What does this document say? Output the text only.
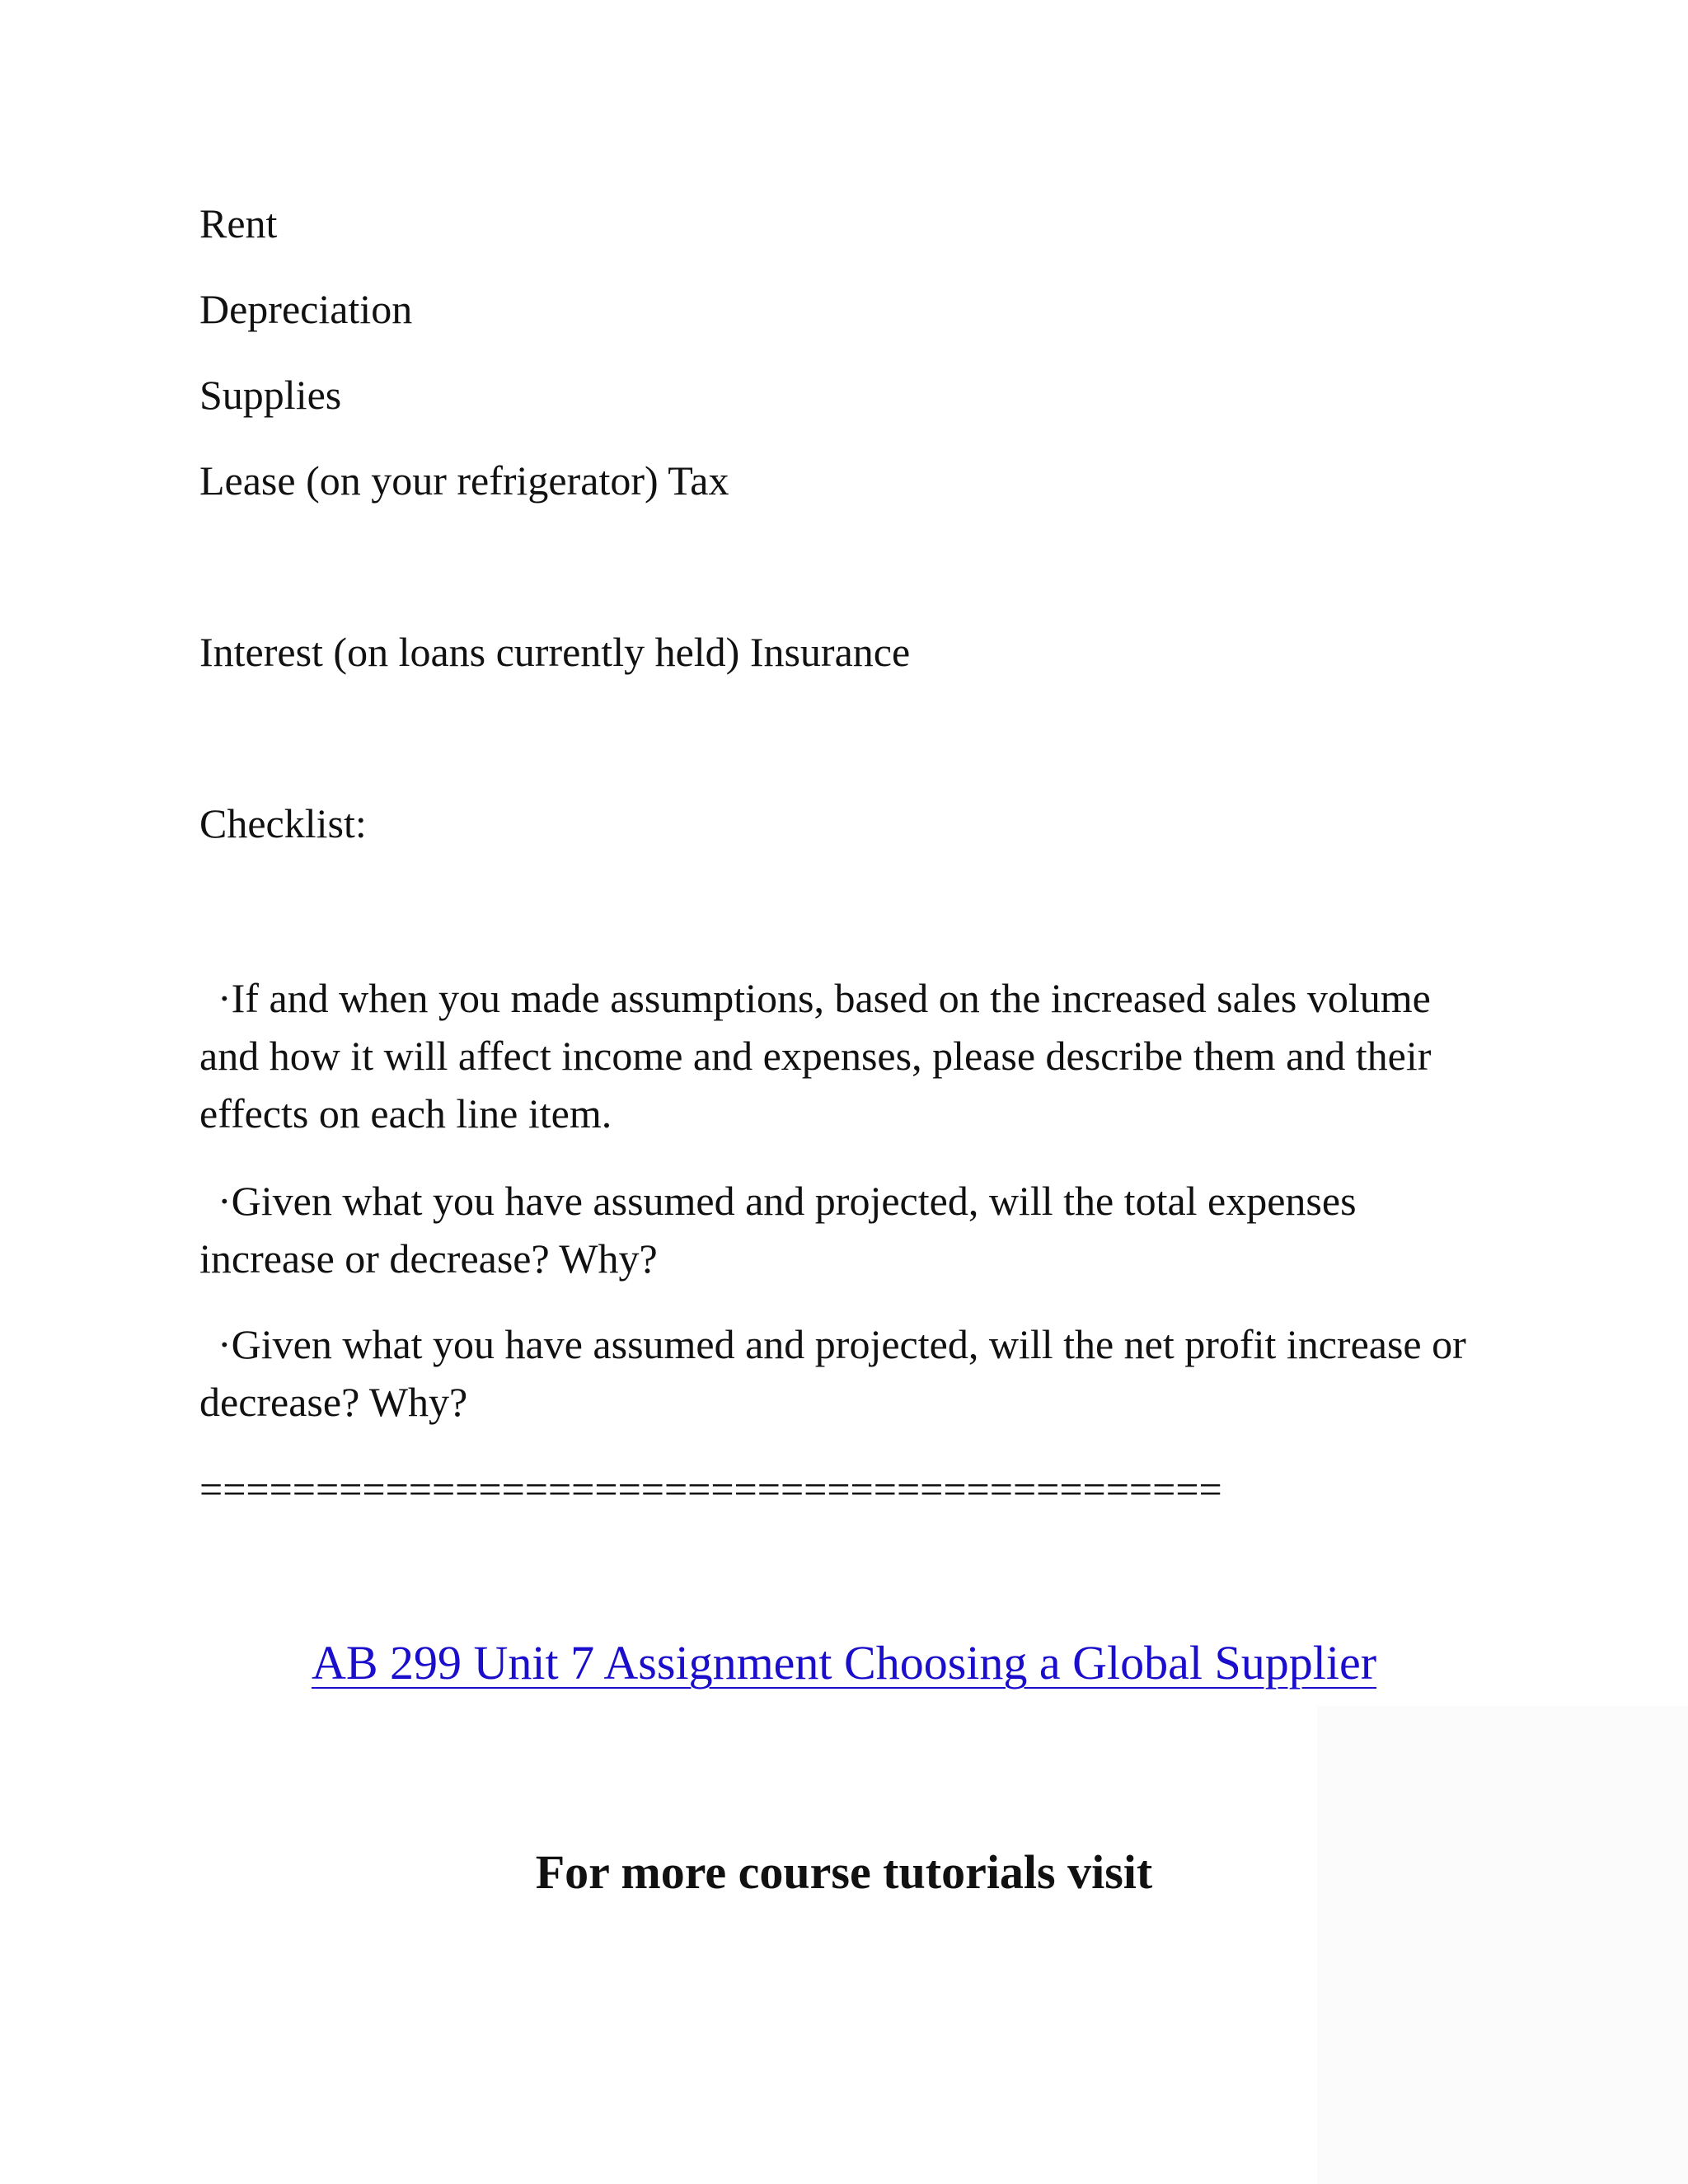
Rent

Depreciation

Supplies

Lease (on your refrigerator) Tax

Interest (on loans currently held) Insurance

Checklist:

·If and when you made assumptions, based on the increased sales volume and how it will affect income and expenses, please describe them and their effects on each line item.

·Given what you have assumed and projected, will the total expenses increase or decrease? Why?

·Given what you have assumed and projected, will the net profit increase or decrease? Why?

============================================

AB 299 Unit 7 Assignment Choosing a Global Supplier

For more course tutorials visit
